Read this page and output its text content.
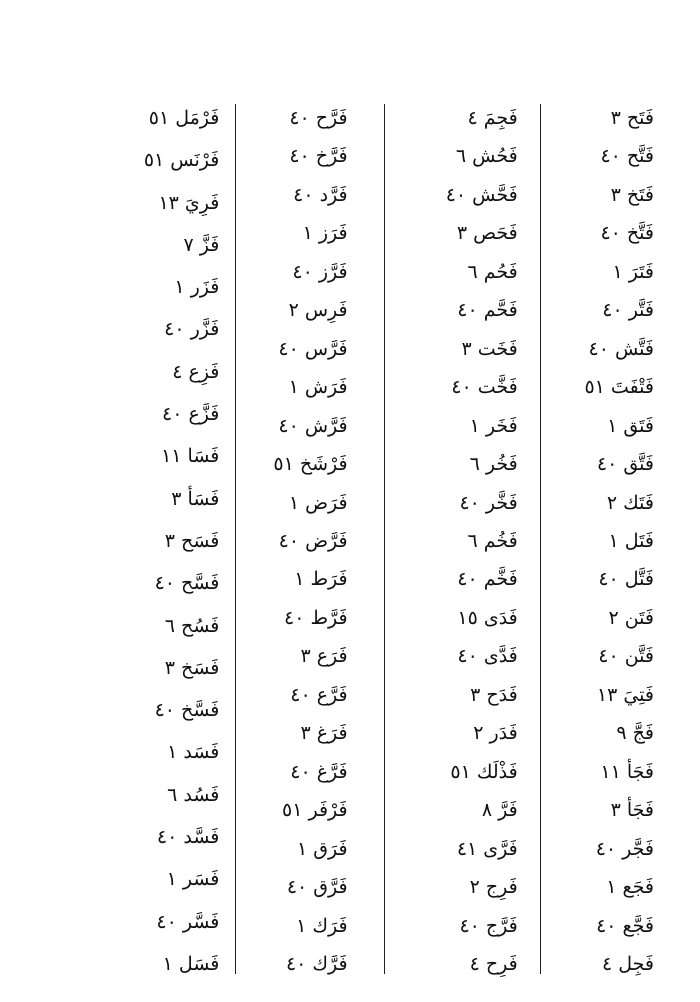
فَتَح ٣
فَتَّح ٤٠
فَتَخ ٣
فَتَّخ ٤٠
فَتَرَ ١
فَتَّر ٤٠
فَتَّش ٤٠
فَتْفَتَ ٥١
فَتَق ١
فَتَّق ٤٠
فَتَك ٢
فَتَل ١
فَتَّل ٤٠
فَتَن ٢
فَتَّن ٤٠
فَتِيَ ١٣
فَجَّ ٩
فَجَأ ١١
فَجَأ ٣
فَجَّر ٤٠
فَجَع ١
فَجَّع ٤٠
فَجِل ٤
فَجِمَ ٤
فَحُش ٦
فَحَّش ٤٠
فَحَص ٣
فَحُم ٦
فَحَّم ٤٠
فَخَت ٣
فَخَّت ٤٠
فَخَر ١
فَخُر ٦
فَخَّر ٤٠
فَخُم ٦
فَخَّم ٤٠
فَدَى ١٥
فَدَّى ٤٠
فَدَح ٣
فَدَر ٢
فَذْلَك ٥١
فَرَّ ٨
فَرَّى ٤١
فَرِج ٢
فَرَّج ٤٠
فَرِح ٤
فَرَّح ٤٠
فَرَّخ ٤٠
فَرَّد ٤٠
فَرَز ١
فَرَّز ٤٠
فَرِس ٢
فَرَّس ٤٠
فَرَش ١
فَرَّش ٤٠
فَرْشَخ ٥١
فَرَض ١
فَرَّض ٤٠
فَرَط ١
فَرَّط ٤٠
فَرَع ٣
فَرَّع ٤٠
فَرَغ ٣
فَرَّغ ٤٠
فَرْفَر ٥١
فَرَق ١
فَرَّق ٤٠
فَرَك ١
فَرَّك ٤٠
فَرْمَل ٥١
فَرْنَس ٥١
فَرِيَ ١٣
فَزَّ ٧
فَزَر ١
فَزَّر ٤٠
فَزِع ٤
فَزَّع ٤٠
فَسَا ١١
فَسَأ ٣
فَسَح ٣
فَسَّح ٤٠
فَسُح ٦
فَسَخ ٣
فَسَّخ ٤٠
فَسَد ١
فَسُد ٦
فَسَّد ٤٠
فَسَر ١
فَسَّر ٤٠
فَسَل ١
